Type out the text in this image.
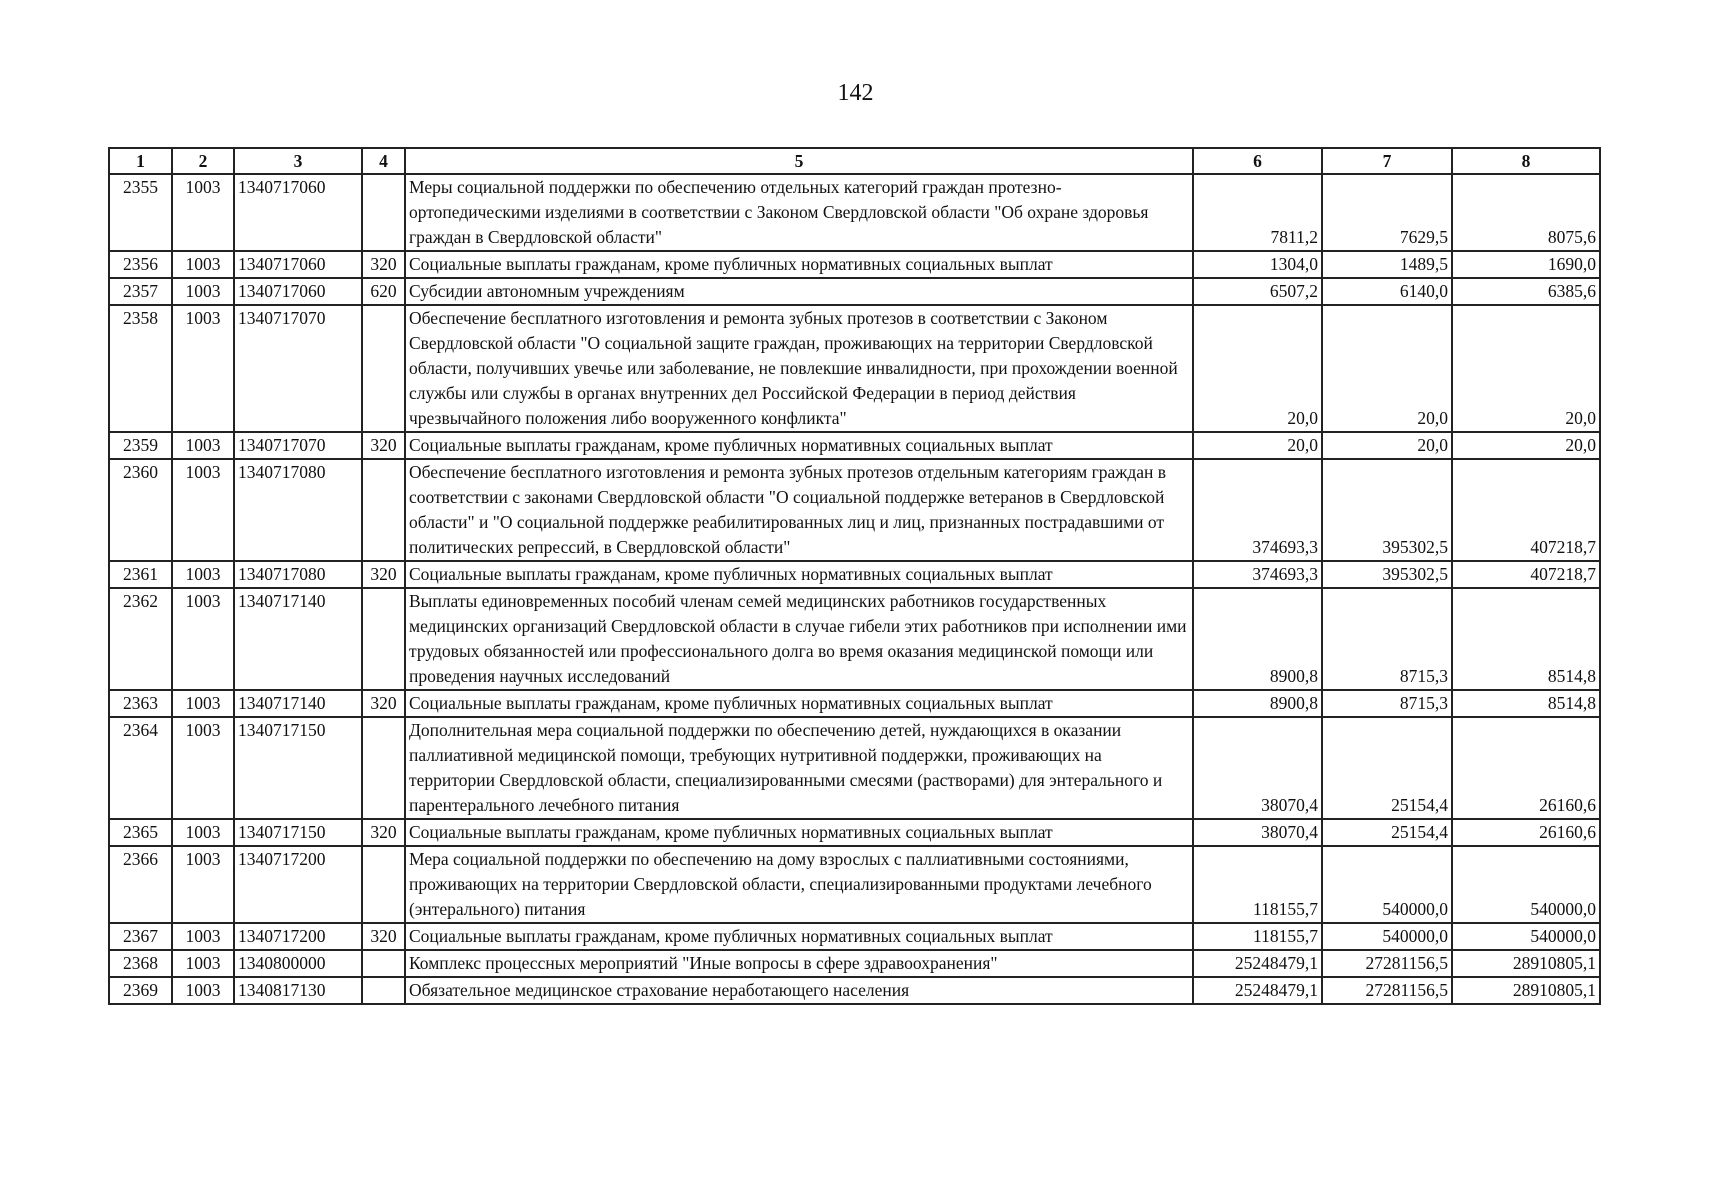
142
1	2	3	4	5	6	7	8
2355	1003	1340717060		Меры социальной поддержки по обеспечению отдельных категорий граждан протезно-ортопедическими изделиями в соответствии с Законом Свердловской области "Об охране здоровья граждан в Свердловской области"	7811,2	7629,5	8075,6
2356	1003	1340717060	320	Социальные выплаты гражданам, кроме публичных нормативных социальных выплат	1304,0	1489,5	1690,0
2357	1003	1340717060	620	Субсидии автономным учреждениям	6507,2	6140,0	6385,6
2358	1003	1340717070		Обеспечение бесплатного изготовления и ремонта зубных протезов в соответствии с Законом Свердловской области "О социальной защите граждан, проживающих на территории Свердловской области, получивших увечье или заболевание, не повлекшие инвалидности, при прохождении военной службы или службы в органах внутренних дел Российской Федерации в период действия чрезвычайного положения либо вооруженного конфликта"	20,0	20,0	20,0
2359	1003	1340717070	320	Социальные выплаты гражданам, кроме публичных нормативных социальных выплат	20,0	20,0	20,0
2360	1003	1340717080		Обеспечение бесплатного изготовления и ремонта зубных протезов отдельным категориям граждан в соответствии с законами Свердловской области "О социальной поддержке ветеранов в Свердловской области" и "О социальной поддержке реабилитированных лиц и лиц, признанных пострадавшими от политических репрессий, в Свердловской области"	374693,3	395302,5	407218,7
2361	1003	1340717080	320	Социальные выплаты гражданам, кроме публичных нормативных социальных выплат	374693,3	395302,5	407218,7
2362	1003	1340717140		Выплаты единовременных пособий членам семей медицинских работников государственных медицинских организаций Свердловской области в случае гибели этих работников при исполнении ими трудовых обязанностей или профессионального долга во время оказания медицинской помощи или проведения научных исследований	8900,8	8715,3	8514,8
2363	1003	1340717140	320	Социальные выплаты гражданам, кроме публичных нормативных социальных выплат	8900,8	8715,3	8514,8
2364	1003	1340717150		Дополнительная мера социальной поддержки по обеспечению детей, нуждающихся в оказании паллиативной медицинской помощи, требующих нутритивной поддержки, проживающих на территории Свердловской области, специализированными смесями (растворами) для энтерального и парентерального лечебного питания	38070,4	25154,4	26160,6
2365	1003	1340717150	320	Социальные выплаты гражданам, кроме публичных нормативных социальных выплат	38070,4	25154,4	26160,6
2366	1003	1340717200		Мера социальной поддержки по обеспечению на дому взрослых с паллиативными состояниями, проживающих на территории Свердловской области, специализированными продуктами лечебного (энтерального) питания	118155,7	540000,0	540000,0
2367	1003	1340717200	320	Социальные выплаты гражданам, кроме публичных нормативных социальных выплат	118155,7	540000,0	540000,0
2368	1003	1340800000		Комплекс процессных мероприятий "Иные вопросы в сфере здравоохранения"	25248479,1	27281156,5	28910805,1
2369	1003	1340817130		Обязательное медицинское страхование неработающего населения	25248479,1	27281156,5	28910805,1
